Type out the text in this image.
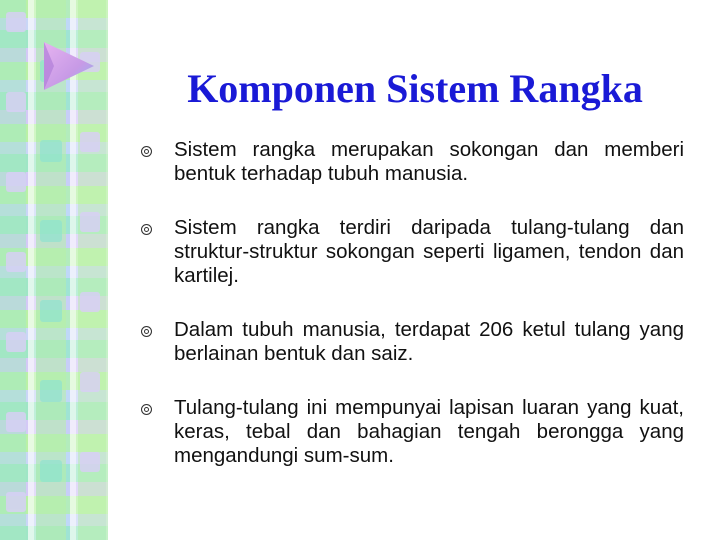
Komponen Sistem Rangka
Sistem rangka merupakan sokongan dan memberi bentuk terhadap tubuh manusia.
Sistem rangka terdiri daripada tulang-tulang dan struktur-struktur sokongan seperti ligamen, tendon dan kartilej.
Dalam tubuh manusia, terdapat 206 ketul tulang yang berlainan bentuk dan saiz.
Tulang-tulang ini mempunyai lapisan luaran yang kuat, keras, tebal dan bahagian tengah berongga yang mengandungi sum-sum.
